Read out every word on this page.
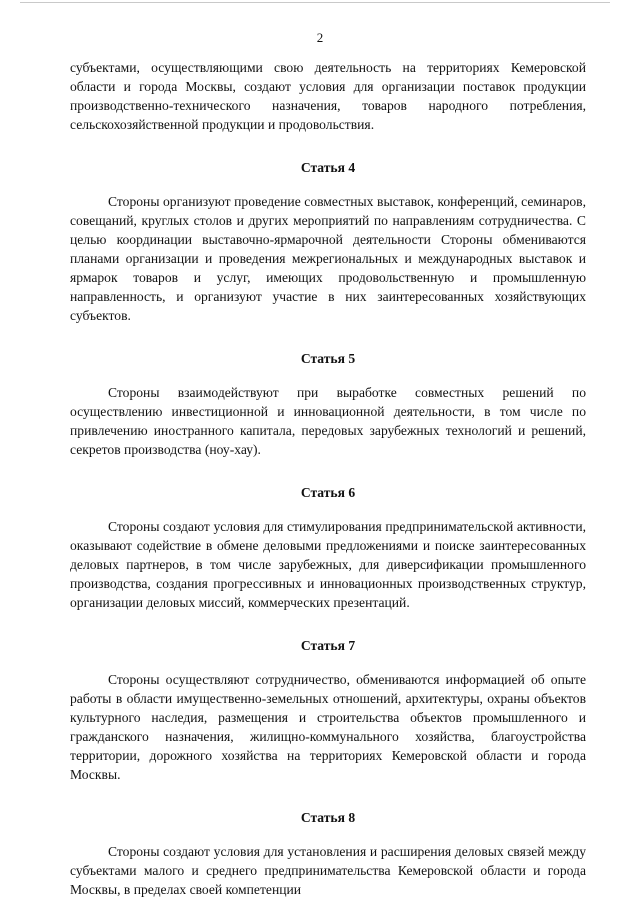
2

субъектами, осуществляющими свою деятельность на территориях Кемеровской области и города Москвы, создают условия для организации поставок продукции производственно-технического назначения, товаров народного потребления, сельскохозяйственной продукции и продовольствия.

Статья 4

Стороны организуют проведение совместных выставок, конференций, семинаров, совещаний, круглых столов и других мероприятий по направлениям сотрудничества. С целью координации выставочно-ярмарочной деятельности Стороны обмениваются планами организации и проведения межрегиональных и международных выставок и ярмарок товаров и услуг, имеющих продовольственную и промышленную направленность, и организуют участие в них заинтересованных хозяйствующих субъектов.

Статья 5

Стороны взаимодействуют при выработке совместных решений по осуществлению инвестиционной и инновационной деятельности, в том числе по привлечению иностранного капитала, передовых зарубежных технологий и решений, секретов производства (ноу-хау).

Статья 6

Стороны создают условия для стимулирования предпринимательской активности, оказывают содействие в обмене деловыми предложениями и поиске заинтересованных деловых партнеров, в том числе зарубежных, для диверсификации промышленного производства, создания прогрессивных и инновационных производственных структур, организации деловых миссий, коммерческих презентаций.

Статья 7

Стороны осуществляют сотрудничество, обмениваются информацией об опыте работы в области имущественно-земельных отношений, архитектуры, охраны объектов культурного наследия, размещения и строительства объектов промышленного и гражданского назначения, жилищно-коммунального хозяйства, благоустройства территории, дорожного хозяйства на территориях Кемеровской области и города Москвы.

Статья 8

Стороны создают условия для установления и расширения деловых связей между субъектами малого и среднего предпринимательства Кемеровской области и города Москвы, в пределах своей компетенции
